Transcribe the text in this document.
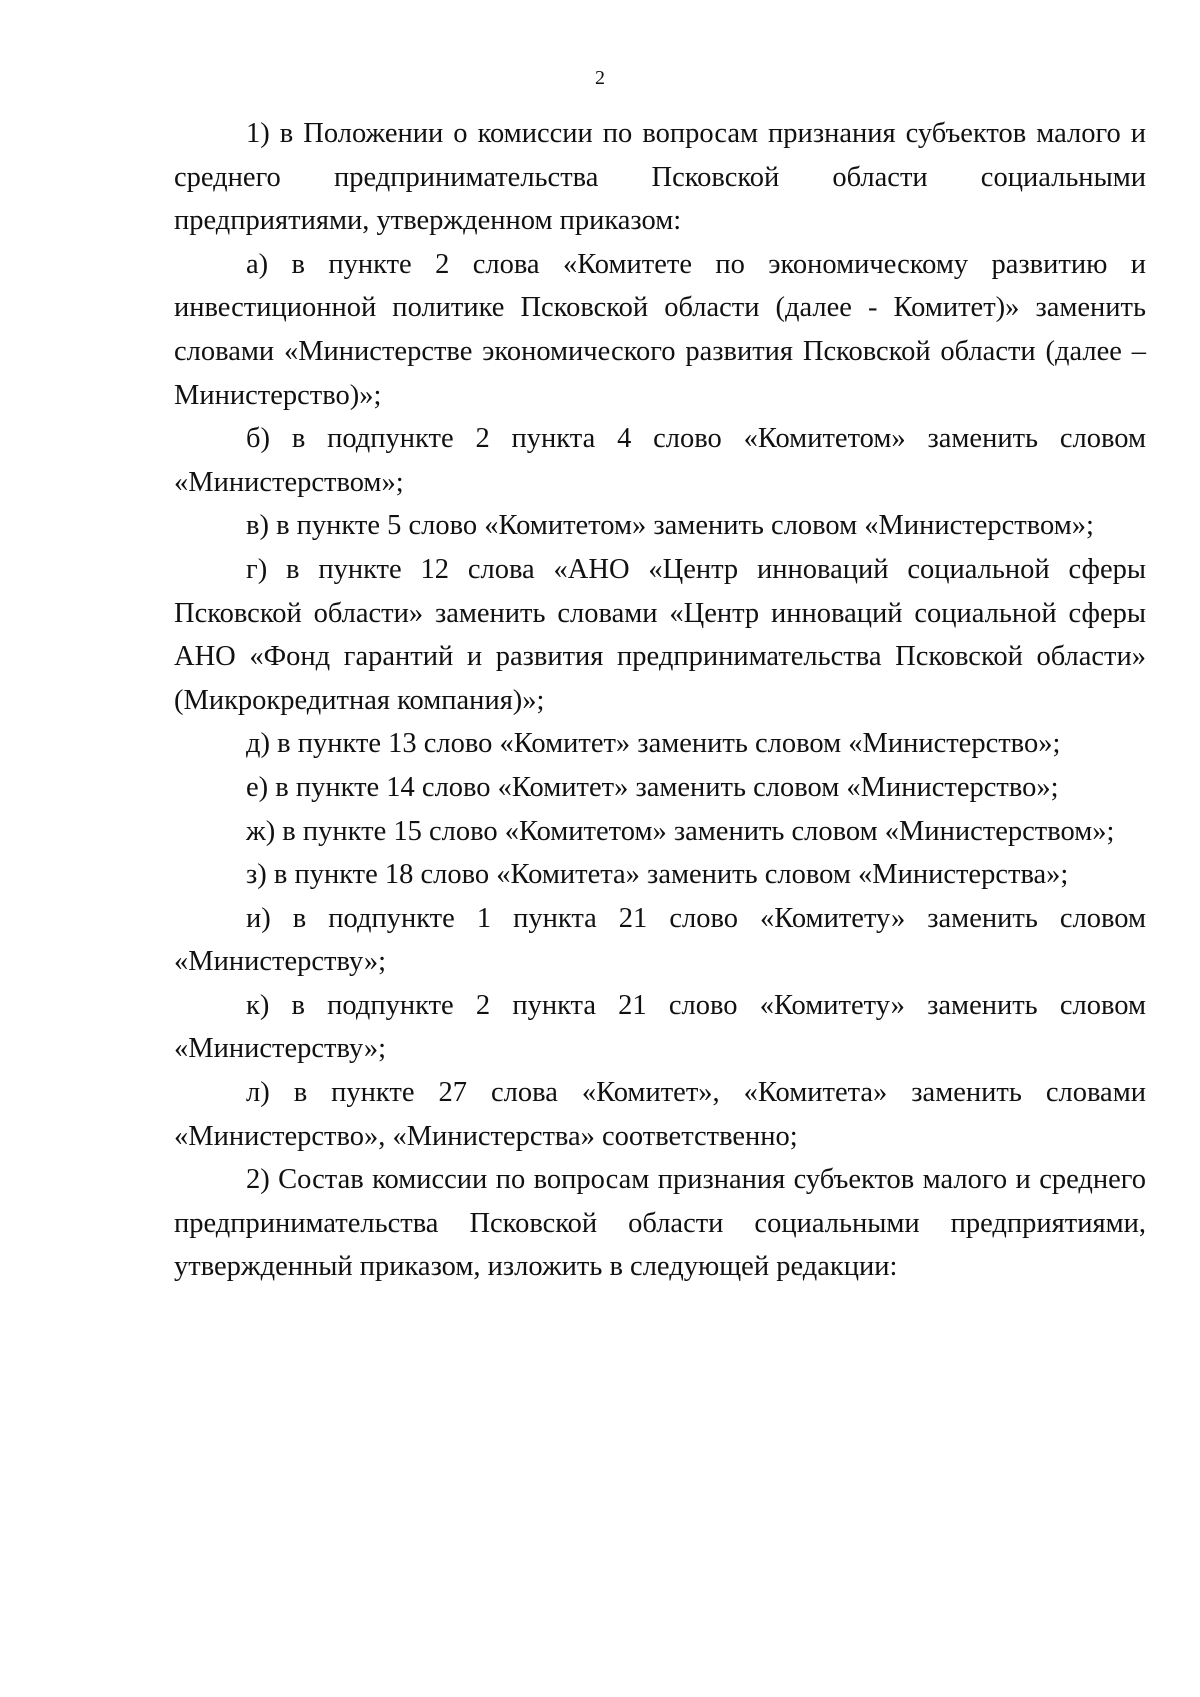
2

1) в Положении о комиссии по вопросам признания субъектов малого и среднего предпринимательства Псковской области социальными предприятиями, утвержденном приказом:

а) в пункте 2 слова «Комитете по экономическому развитию и инвестиционной политике Псковской области (далее - Комитет)» заменить словами «Министерстве экономического развития Псковской области (далее – Министерство)»;

б) в подпункте 2 пункта 4 слово «Комитетом» заменить словом «Министерством»;

в) в пункте 5 слово «Комитетом» заменить словом «Министерством»;

г) в пункте 12 слова «АНО «Центр инноваций социальной сферы Псковской области» заменить словами «Центр инноваций социальной сферы АНО «Фонд гарантий и развития предпринимательства Псковской области» (Микрокредитная компания)»;

д) в пункте 13 слово «Комитет» заменить словом «Министерство»;

е) в пункте 14 слово «Комитет» заменить словом «Министерство»;

ж) в пункте 15 слово «Комитетом» заменить словом «Министерством»;

з) в пункте 18 слово «Комитета» заменить словом «Министерства»;

и) в подпункте 1 пункта 21 слово «Комитету» заменить словом «Министерству»;

к) в подпункте 2 пункта 21 слово «Комитету» заменить словом «Министерству»;

л) в пункте 27 слова «Комитет», «Комитета» заменить словами «Министерство», «Министерства» соответственно;

2) Состав комиссии по вопросам признания субъектов малого и среднего предпринимательства Псковской области социальными предприятиями, утвержденный приказом, изложить в следующей редакции:
